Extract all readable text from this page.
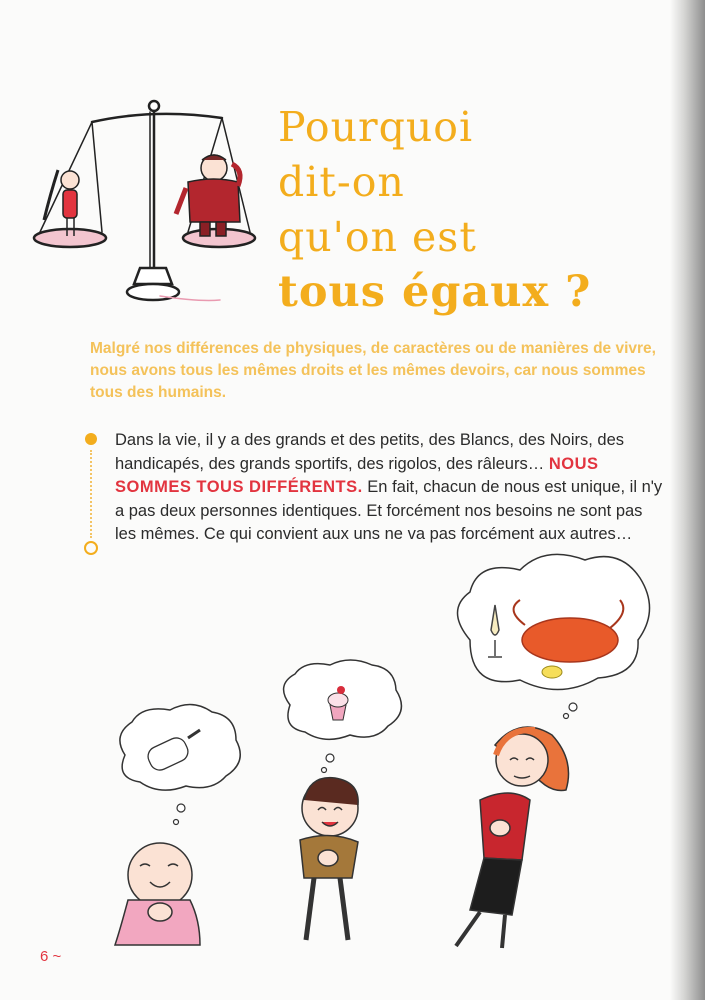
Pourquoi
dit-on
qu'on est
tous égaux ?
Malgré nos différences de physiques, de caractères ou de manières de vivre, nous avons tous les mêmes droits et les mêmes devoirs, car nous sommes tous des humains.
Dans la vie, il y a des grands et des petits, des Blancs, des Noirs, des handicapés, des grands sportifs, des rigolos, des râleurs… NOUS SOMMES TOUS DIFFÉRENTS. En fait, chacun de nous est unique, il n'y a pas deux personnes identiques. Et forcément nos besoins ne sont pas les mêmes. Ce qui convient aux uns ne va pas forcément aux autres…
6 ~
